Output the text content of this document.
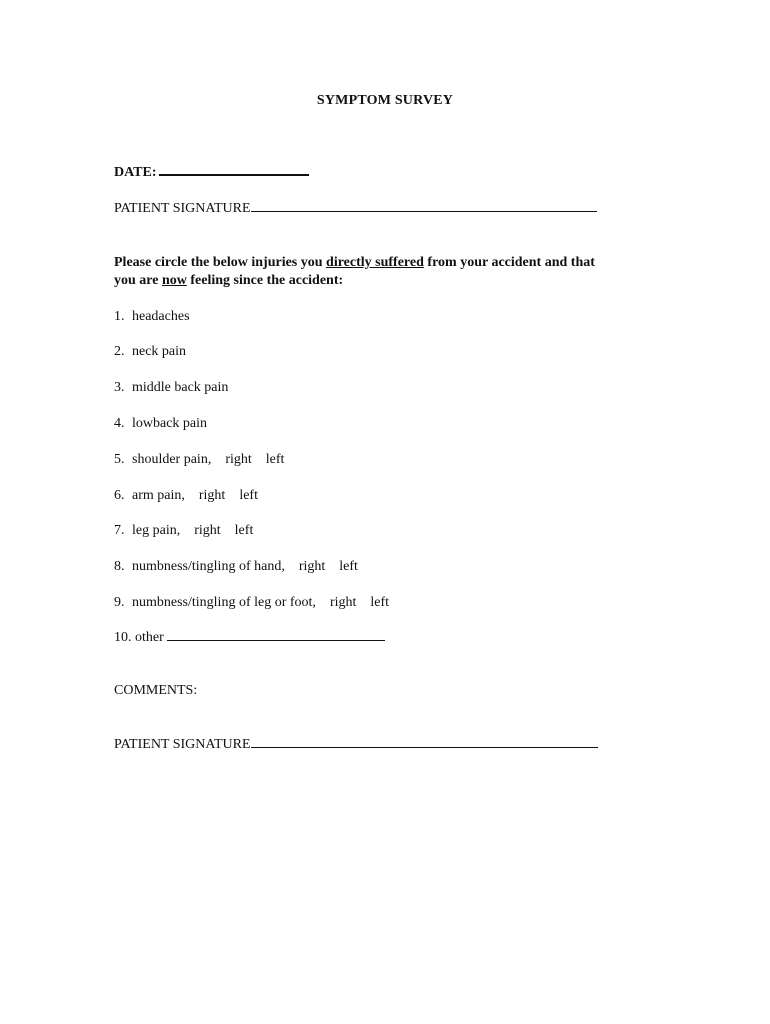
SYMPTOM SURVEY
DATE:
PATIENT SIGNATURE
Please circle the below injuries you directly suffered from your accident and that
you are now feeling since the accident:
1. headaches
2. neck pain
3. middle back pain
4. lowback pain
5. shoulder pain, right left
6. arm pain, right left
7. leg pain, right left
8. numbness/tingling of hand, right left
9. numbness/tingling of leg or foot, right left
10. other
COMMENTS:
PATIENT SIGNATURE
